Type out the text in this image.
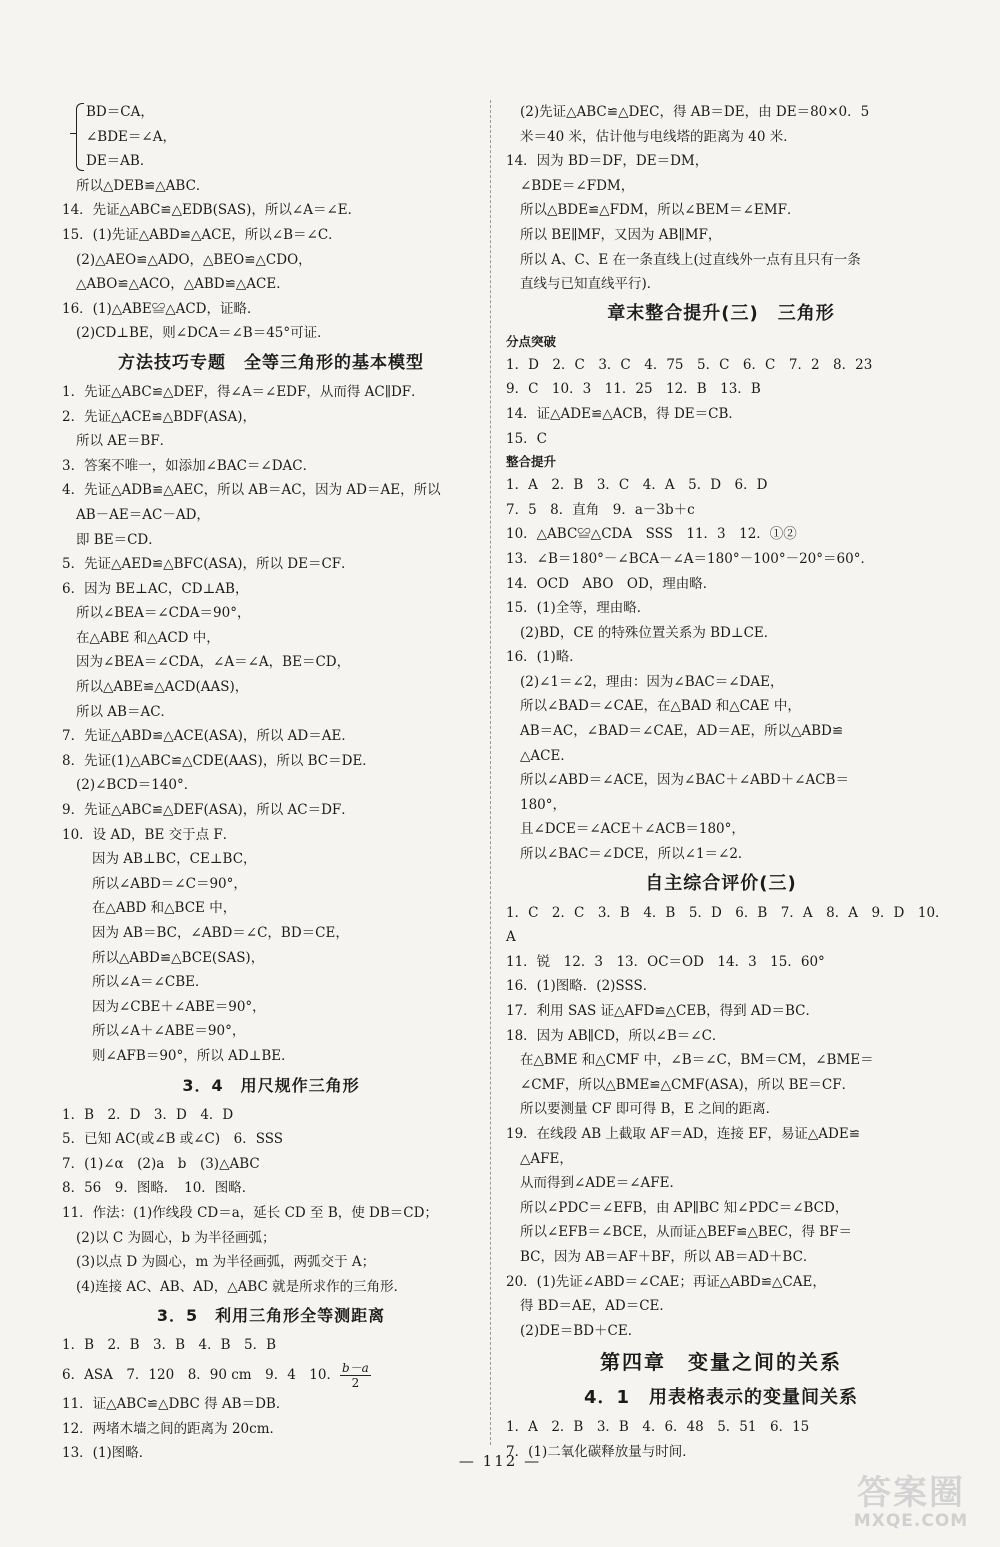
BD＝CA，
∠BDE＝∠A，
DE＝AB．
所以△DEB≌△ABC．
14．先证△ABC≌△EDB(SAS)，所以∠A＝∠E．
15．(1)先证△ABD≌△ACE，所以∠B＝∠C．
(2)△AEO≌△ADO，△BEO≌△CDO，
△ABO≌△ACO，△ABD≌△ACE．
16．(1)△ABE≌△ACD，证略．
(2)CD⊥BE，则∠DCA＝∠B＝45°可证．
方法技巧专题　全等三角形的基本模型
1．先证△ABC≌△DEF，得∠A＝∠EDF，从而得 AC∥DF．
2．先证△ACE≌△BDF(ASA)，
所以 AE＝BF．
3．答案不唯一，如添加∠BAC＝∠DAC．
4．先证△ADB≌△AEC，所以 AB＝AC，因为 AD＝AE，所以
AB－AE＝AC－AD，
即 BE＝CD．
5．先证△AED≌△BFC(ASA)，所以 DE＝CF．
6．因为 BE⊥AC，CD⊥AB，
所以∠BEA＝∠CDA＝90°，
在△ABE 和△ACD 中，
因为∠BEA＝∠CDA，∠A＝∠A，BE＝CD，
所以△ABE≌△ACD(AAS)，
所以 AB＝AC．
7．先证△ABD≌△ACE(ASA)，所以 AD＝AE．
8．先证(1)△ABC≌△CDE(AAS)，所以 BC＝DE．
(2)∠BCD＝140°．
9．先证△ABC≌△DEF(ASA)，所以 AC＝DF．
10．设 AD，BE 交于点 F．
因为 AB⊥BC，CE⊥BC，
所以∠ABD＝∠C＝90°，
在△ABD 和△BCE 中，
因为 AB＝BC，∠ABD＝∠C，BD＝CE，
所以△ABD≌△BCE(SAS)，
所以∠A＝∠CBE．
因为∠CBE＋∠ABE＝90°，
所以∠A＋∠ABE＝90°，
则∠AFB＝90°，所以 AD⊥BE．
3．4　用尺规作三角形
1．B　2．D　3．D　4．D
5．已知 AC(或∠B 或∠C)　6．SSS
7．(1)∠α　(2)a　b　(3)△ABC
8．56　9．图略．　10．图略．
11．作法：(1)作线段 CD＝a，延长 CD 至 B，使 DB＝CD；
(2)以 C 为圆心，b 为半径画弧；
(3)以点 D 为圆心，m 为半径画弧，两弧交于 A；
(4)连接 AC、AB、AD，△ABC 就是所求作的三角形．
3．5　利用三角形全等测距离
1．B　2．B　3．B　4．B　5．B
6．ASA　7．120　8．90 cm　9．4　10． $\frac{b-a}{2}$
11．证△ABC≌△DBC 得 AB＝DB．
12．两堵木墙之间的距离为 20cm．
13．(1)图略．
(2)先证△ABC≌△DEC，得 AB＝DE，由 DE＝80×0．5
米＝40 米，估计他与电线塔的距离为 40 米．
14．因为 BD＝DF，DE＝DM，
∠BDE＝∠FDM，
所以△BDE≌△FDM，所以∠BEM＝∠EMF．
所以 BE∥MF，又因为 AB∥MF，
所以 A、C、E 在一条直线上(过直线外一点有且只有一条
直线与已知直线平行)．
章末整合提升(三)　三角形
分点突破
1．D　2．C　3．C　4．75　5．C　6．C　7．2　8．23
9．C　10．3　11．25　12．B　13．B
14．证△ADE≌△ACB，得 DE＝CB．
15．C
整合提升
1．A　2．B　3．C　4．A　5．D　6．D
7．5　8．直角　9．a－3b＋c
10．△ABC≌△CDA　SSS　11．3　12．①②
13．∠B＝180°－∠BCA－∠A＝180°－100°－20°＝60°．
14．OCD　ABO　OD，理由略．
15．(1)全等，理由略．
(2)BD，CE 的特殊位置关系为 BD⊥CE．
16．(1)略．
(2)∠1＝∠2，理由：因为∠BAC＝∠DAE，
所以∠BAD＝∠CAE，在△BAD 和△CAE 中，
AB＝AC，∠BAD＝∠CAE，AD＝AE，所以△ABD≌
△ACE．
所以∠ABD＝∠ACE，因为∠BAC＋∠ABD＋∠ACB＝
180°，
且∠DCE＝∠ACE＋∠ACB＝180°，
所以∠BAC＝∠DCE，所以∠1＝∠2．
自主综合评价(三)
1．C　2．C　3．B　4．B　5．D　6．B　7．A　8．A　9．D　10．
A
11．锐　12．3　13．OC＝OD　14．3　15．60°
16．(1)图略．(2)SSS．
17．利用 SAS 证△AFD≌△CEB，得到 AD＝BC．
18．因为 AB∥CD，所以∠B＝∠C．
在△BME 和△CMF 中，∠B＝∠C，BM＝CM，∠BME＝
∠CMF，所以△BME≌△CMF(ASA)，所以 BE＝CF．
所以要测量 CF 即可得 B，E 之间的距离．
19．在线段 AB 上截取 AF＝AD，连接 EF，易证△ADE≌
△AFE，
从而得到∠ADE＝∠AFE．
所以∠PDC＝∠EFB，由 AP∥BC 知∠PDC＝∠BCD，
所以∠EFB＝∠BCE，从而证△BEF≌△BEC，得 BF＝
BC，因为 AB＝AF＋BF，所以 AB＝AD＋BC．
20．(1)先证∠ABD＝∠CAE；再证△ABD≌△CAE，
得 BD＝AE，AD＝CE．
(2)DE＝BD＋CE．
第四章　变量之间的关系
4．1　用表格表示的变量间关系
1．A　2．B　3．B　4．6．48　5．51　6．15
7．(1)二氧化碳释放量与时间．
— 112 —
答案圈
MXQE.COM
